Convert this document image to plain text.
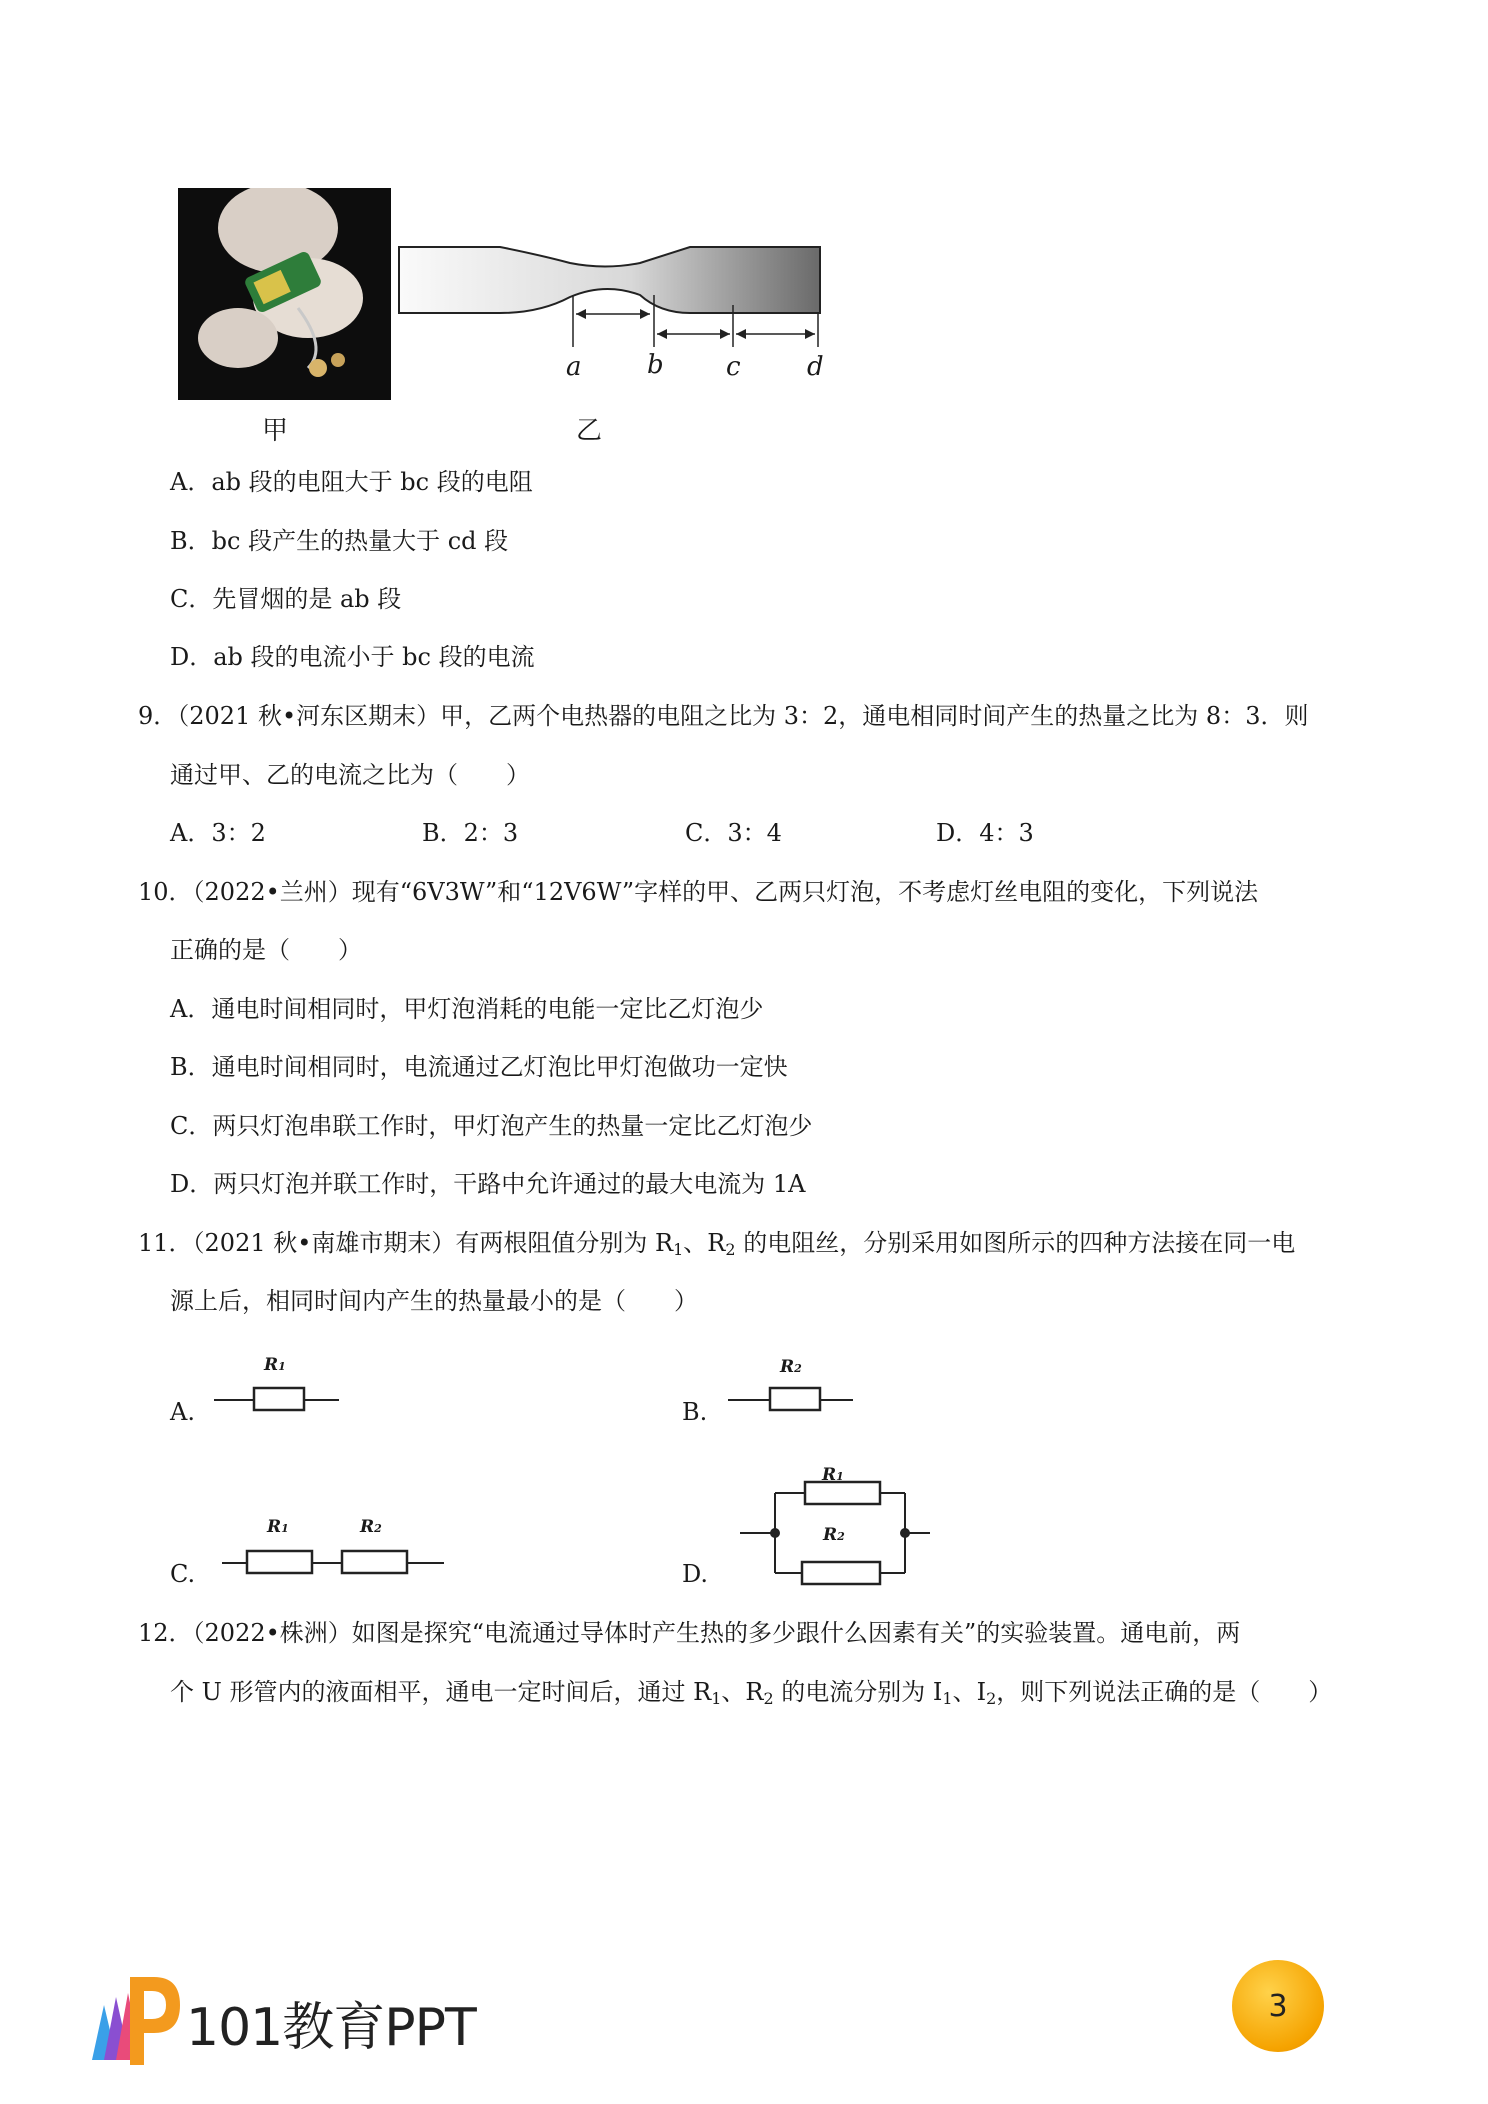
甲
a	b c	d
乙
A．ab 段的电阻大于 bc 段的电阻
B．bc 段产生的热量大于 cd 段
C．先冒烟的是 ab 段
D．ab 段的电流小于 bc 段的电流
9．（2021 秋•河东区期末）甲，乙两个电热器的电阻之比为 3：2，通电相同时间产生的热量之比为 8：3．则
通过甲、乙的电流之比为（　　）
A．3：2	B．2：3	C．3：4	D．4：3
10．（2022•兰州）现有“6V3W”和“12V6W”字样的甲、乙两只灯泡，不考虑灯丝电阻的变化，下列说法
正确的是（　　）
A．通电时间相同时，甲灯泡消耗的电能一定比乙灯泡少
B．通电时间相同时，电流通过乙灯泡比甲灯泡做功一定快
C．两只灯泡串联工作时，甲灯泡产生的热量一定比乙灯泡少
D．两只灯泡并联工作时，干路中允许通过的最大电流为 1A
11．（2021 秋•南雄市期末）有两根阻值分别为 $R_1$、$R_2$ 的电阻丝，分别采用如图所示的四种方法接在同一电
源上后，相同时间内产生的热量最小的是（　　）
A.
R1
B.
R2
C.
R1	R2
D.
R1
R2
12．（2022•株洲）如图是探究“电流通过导体时产生热的多少跟什么因素有关”的实验装置。通电前，两
个 U 形管内的液面相平，通电一定时间后，通过 $R_1$、$R_2$ 的电流分别为 $I_1$、$I_2$，则下列说法正确的是（　　）
101教育PPT	3
